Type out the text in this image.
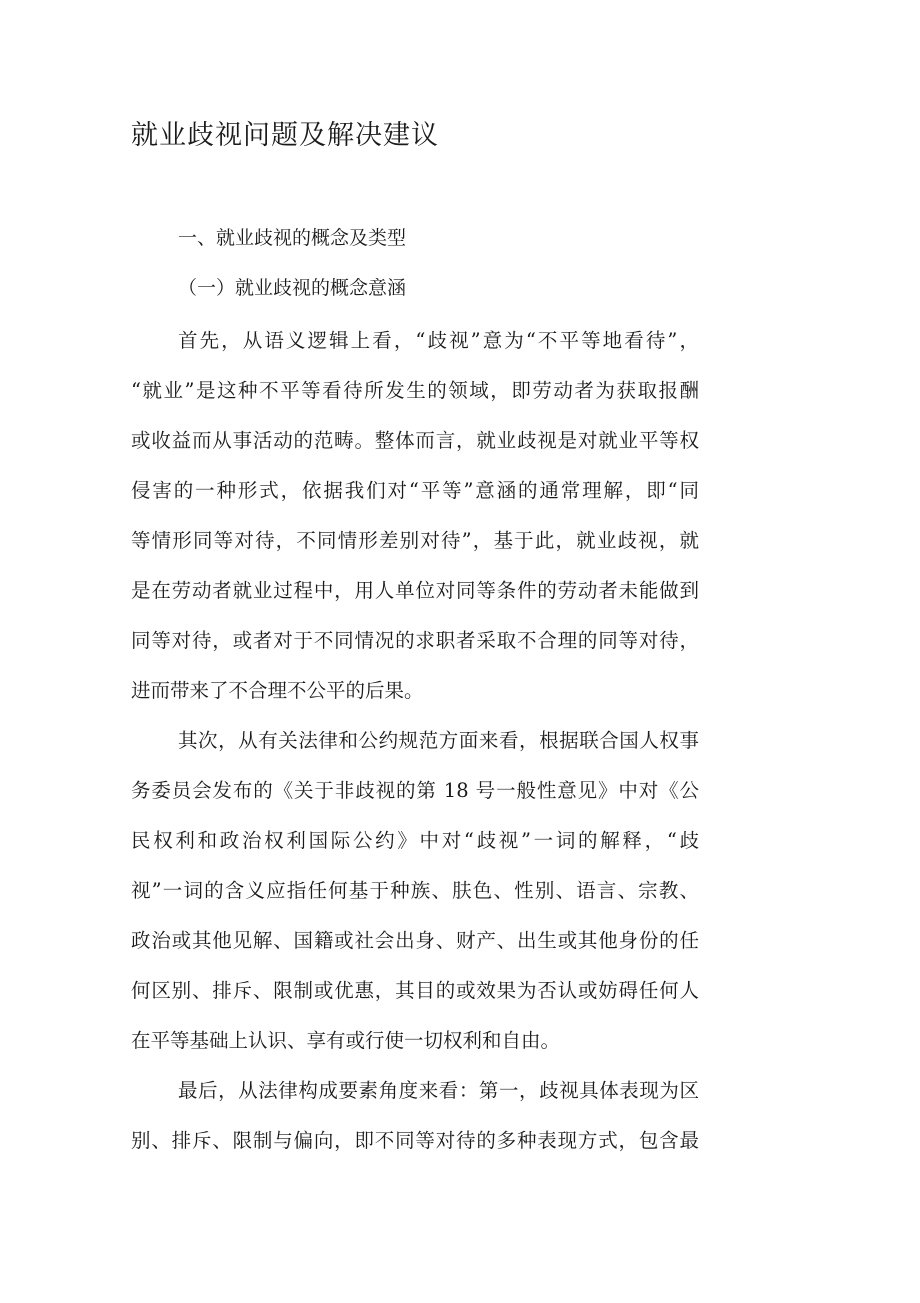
就业歧视问题及解决建议
一、就业歧视的概念及类型
（一）就业歧视的概念意涵
首先，从语义逻辑上看，“歧视”意为“不平等地看待”，
“就业”是这种不平等看待所发生的领域，即劳动者为获取报酬
或收益而从事活动的范畴。整体而言，就业歧视是对就业平等权
侵害的一种形式，依据我们对“平等”意涵的通常理解，即“同
等情形同等对待，不同情形差别对待”，基于此，就业歧视，就
是在劳动者就业过程中，用人单位对同等条件的劳动者未能做到
同等对待，或者对于不同情况的求职者采取不合理的同等对待，
进而带来了不合理不公平的后果。
其次，从有关法律和公约规范方面来看，根据联合国人权事
务委员会发布的《关于非歧视的第 18 号一般性意见》中对《公
民权利和政治权利国际公约》中对“歧视”一词的解释，“歧
视”一词的含义应指任何基于种族、肤色、性别、语言、宗教、
政治或其他见解、国籍或社会出身、财产、出生或其他身份的任
何区别、排斥、限制或优惠，其目的或效果为否认或妨碍任何人
在平等基础上认识、享有或行使一切权利和自由。
最后，从法律构成要素角度来看：第一，歧视具体表现为区
别、排斥、限制与偏向，即不同等对待的多种表现方式，包含最
